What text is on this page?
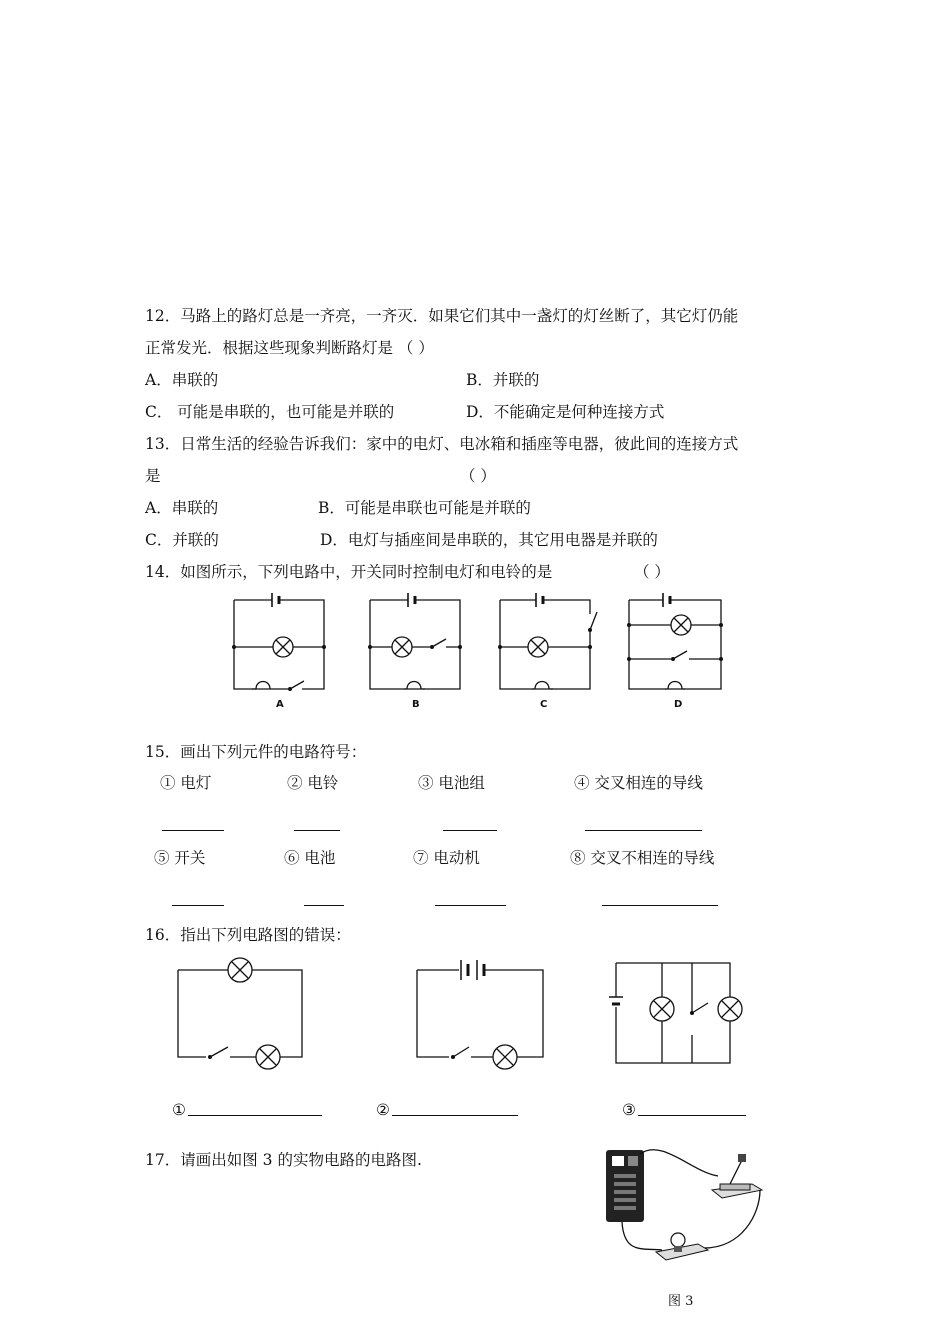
12．马路上的路灯总是一齐亮，一齐灭．如果它们其中一盏灯的灯丝断了，其它灯仍能
正常发光．根据这些现象判断路灯是 （ ）
A．串联的	B．并联的
C． 可能是串联的，也可能是并联的	D．不能确定是何种连接方式
13．日常生活的经验告诉我们：家中的电灯、电冰箱和插座等电器，彼此间的连接方式
是	（ ）
A．串联的	B．可能是串联也可能是并联的
C．并联的	D．电灯与插座间是串联的，其它用电器是并联的
14．如图所示，下列电路中，开关同时控制电灯和电铃的是	（ ）
A	B	C	D
15．画出下列元件的电路符号：
① 电灯	② 电铃	③ 电池组	④ 交叉相连的导线
⑤ 开关	⑥ 电池	⑦ 电动机	⑧ 交叉不相连的导线
16．指出下列电路图的错误：
①	②	③
17．请画出如图 3 的实物电路的电路图.
图 3
